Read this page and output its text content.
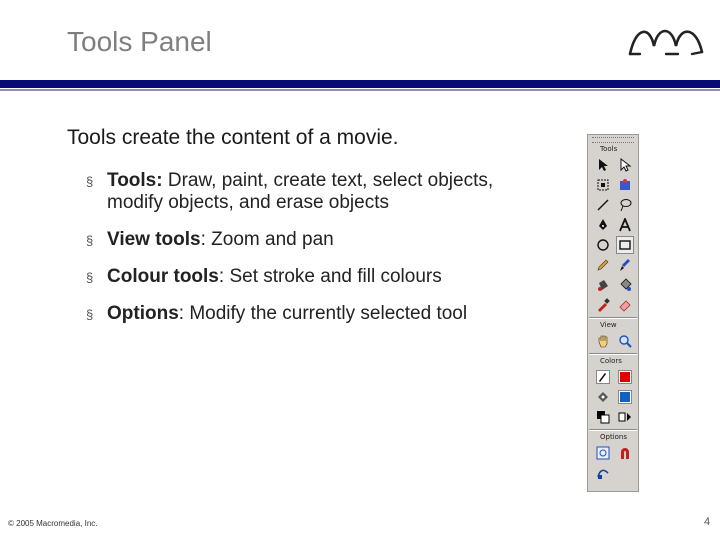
Tools Panel
Tools create the content of a movie.
§ Tools: Draw, paint, create text, select objects, modify objects, and erase objects
§ View tools: Zoom and pan
§ Colour tools: Set stroke and fill colours
§ Options: Modify the currently selected tool
Tools
View
Colors
Options
© 2005 Macromedia, Inc.	4
